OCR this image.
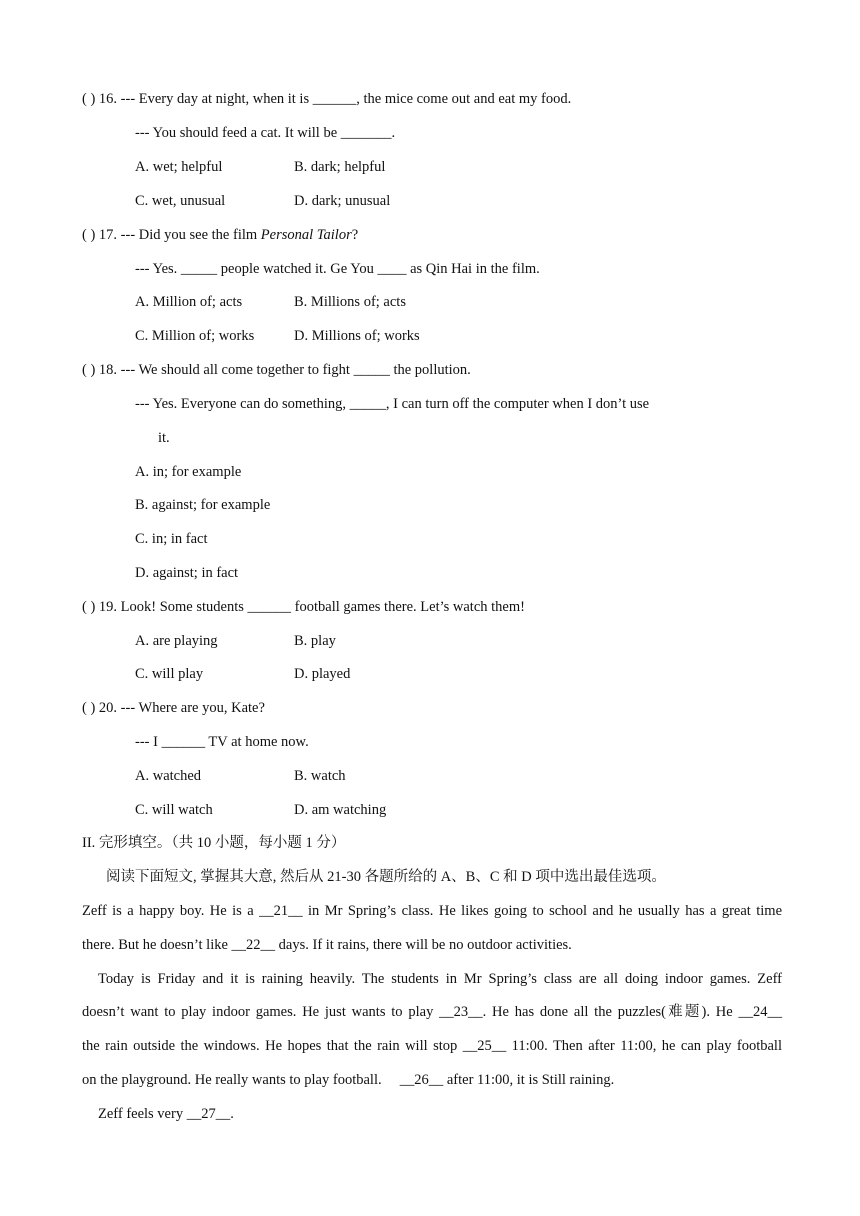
( ) 16. --- Every day at night, when it is ______, the mice come out and eat my food.
--- You should feed a cat. It will be _______.
A. wet; helpful	B. dark; helpful
C. wet, unusual	D. dark; unusual
( ) 17. --- Did you see the film Personal Tailor?
--- Yes. _____ people watched it. Ge You ____ as Qin Hai in the film.
A. Million of; acts	B. Millions of; acts
C. Million of; works	D. Millions of; works
( ) 18. --- We should all come together to fight _____ the pollution.
--- Yes. Everyone can do something, _____, I can turn off the computer when I don’t use
it.
A. in; for example
B. against; for example
C. in; in fact
D. against; in fact
( ) 19. Look! Some students ______ football games there. Let’s watch them!
A. are playing	B. play
C. will play	D. played
( ) 20. --- Where are you, Kate?
--- I ______ TV at home now.
A. watched	B. watch
C. will watch	D. am watching
II. 完形填空。（共 10 小题，每小题 1 分）
阅读下面短文, 掌握其大意, 然后从 21-30 各题所给的 A、B、C 和 D 项中选出最佳选项。
Zeff is a happy boy. He is a __21__ in Mr Spring’s class. He likes going to school and he usually has a great time
there. But he doesn’t like __22__ days. If it rains, there will be no outdoor activities.
Today is Friday and it is raining heavily. The students in Mr Spring’s class are all doing indoor games. Zeff
doesn’t want to play indoor games. He just wants to play __23__. He has done all the puzzles(难题). He __24__
the rain outside the windows. He hopes that the rain will stop __25__ 11:00. Then after 11:00, he can play football
on the playground. He really wants to play football.     __26__ after 11:00, it is Still raining.
Zeff feels very __27__.
